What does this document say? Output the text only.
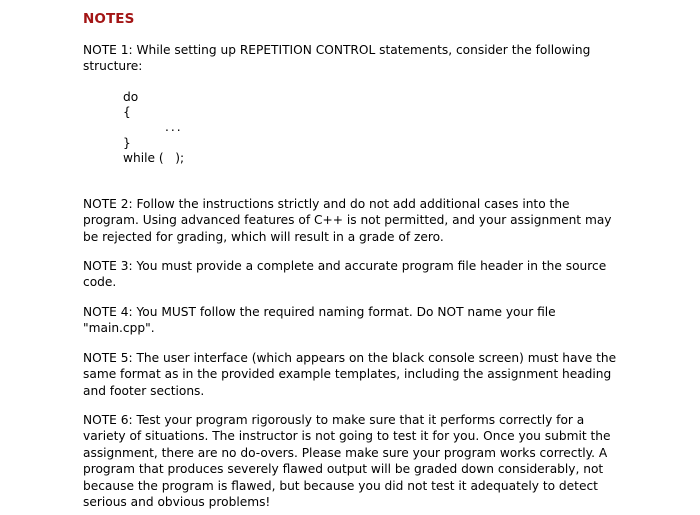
NOTES

NOTE 1: While setting up REPETITION CONTROL statements, consider the following structure:

do
{
...
}
while (   );

NOTE 2: Follow the instructions strictly and do not add additional cases into the program. Using advanced features of C++ is not permitted, and your assignment may be rejected for grading, which will result in a grade of zero.

NOTE 3: You must provide a complete and accurate program file header in the source code.

NOTE 4: You MUST follow the required naming format. Do NOT name your file "main.cpp".

NOTE 5: The user interface (which appears on the black console screen) must have the same format as in the provided example templates, including the assignment heading and footer sections.

NOTE 6: Test your program rigorously to make sure that it performs correctly for a variety of situations. The instructor is not going to test it for you. Once you submit the assignment, there are no do-overs. Please make sure your program works correctly. A program that produces severely flawed output will be graded down considerably, not because the program is flawed, but because you did not test it adequately to detect serious and obvious problems!
